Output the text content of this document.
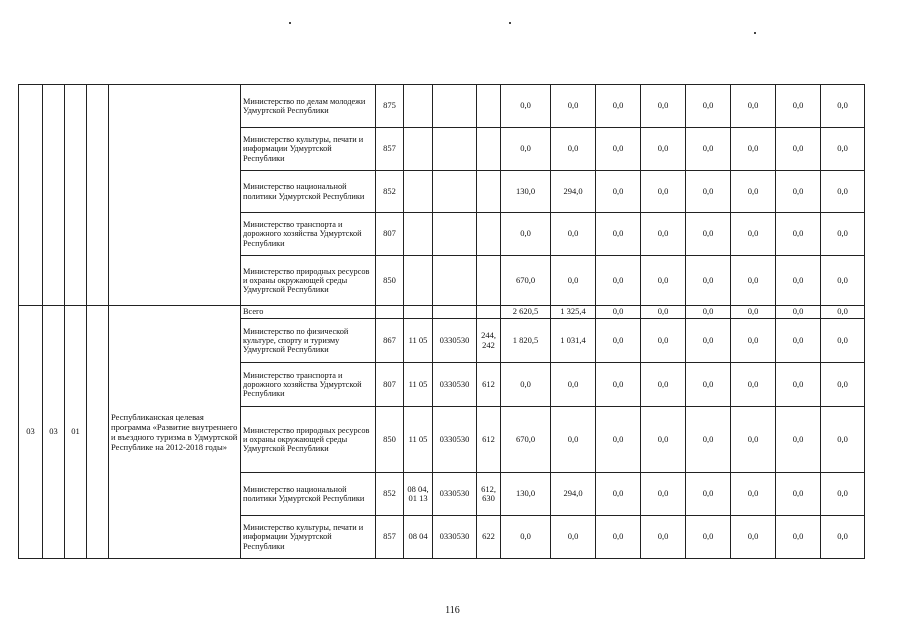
					Министерство по делам молодежи Удмуртской Республики	875				0,0	0,0	0,0	0,0	0,0	0,0	0,0	0,0
					Министерство культуры, печати и информации Удмуртской Республики	857				0,0	0,0	0,0	0,0	0,0	0,0	0,0	0,0
					Министерство национальной политики Удмуртской Республики	852				130,0	294,0	0,0	0,0	0,0	0,0	0,0	0,0
					Министерство транспорта и дорожного хозяйства Удмуртской Республики	807				0,0	0,0	0,0	0,0	0,0	0,0	0,0	0,0
					Министерство природных ресурсов и охраны окружающей среды Удмуртской Республики	850				670,0	0,0	0,0	0,0	0,0	0,0	0,0	0,0
03	03	01		Республиканская целевая программа «Развитие внутреннего и въездного туризма в Удмуртской Республике на 2012-2018 годы»	Всего					2 620,5	1 325,4	0,0	0,0	0,0	0,0	0,0	0,0
					Министерство по физической культуре, спорту и туризму Удмуртской Республики	867	11 05	0330530	244, 242	1 820,5	1 031,4	0,0	0,0	0,0	0,0	0,0	0,0
					Министерство транспорта и дорожного хозяйства Удмуртской Республики	807	11 05	0330530	612	0,0	0,0	0,0	0,0	0,0	0,0	0,0	0,0
					Министерство природных ресурсов и охраны окружающей среды Удмуртской Республики	850	11 05	0330530	612	670,0	0,0	0,0	0,0	0,0	0,0	0,0	0,0
					Министерство национальной политики Удмуртской Республики	852	08 04, 01 13	0330530	612, 630	130,0	294,0	0,0	0,0	0,0	0,0	0,0	0,0
					Министерство культуры, печати и информации Удмуртской Республики	857	08 04	0330530	622	0,0	0,0	0,0	0,0	0,0	0,0	0,0	0,0
116
